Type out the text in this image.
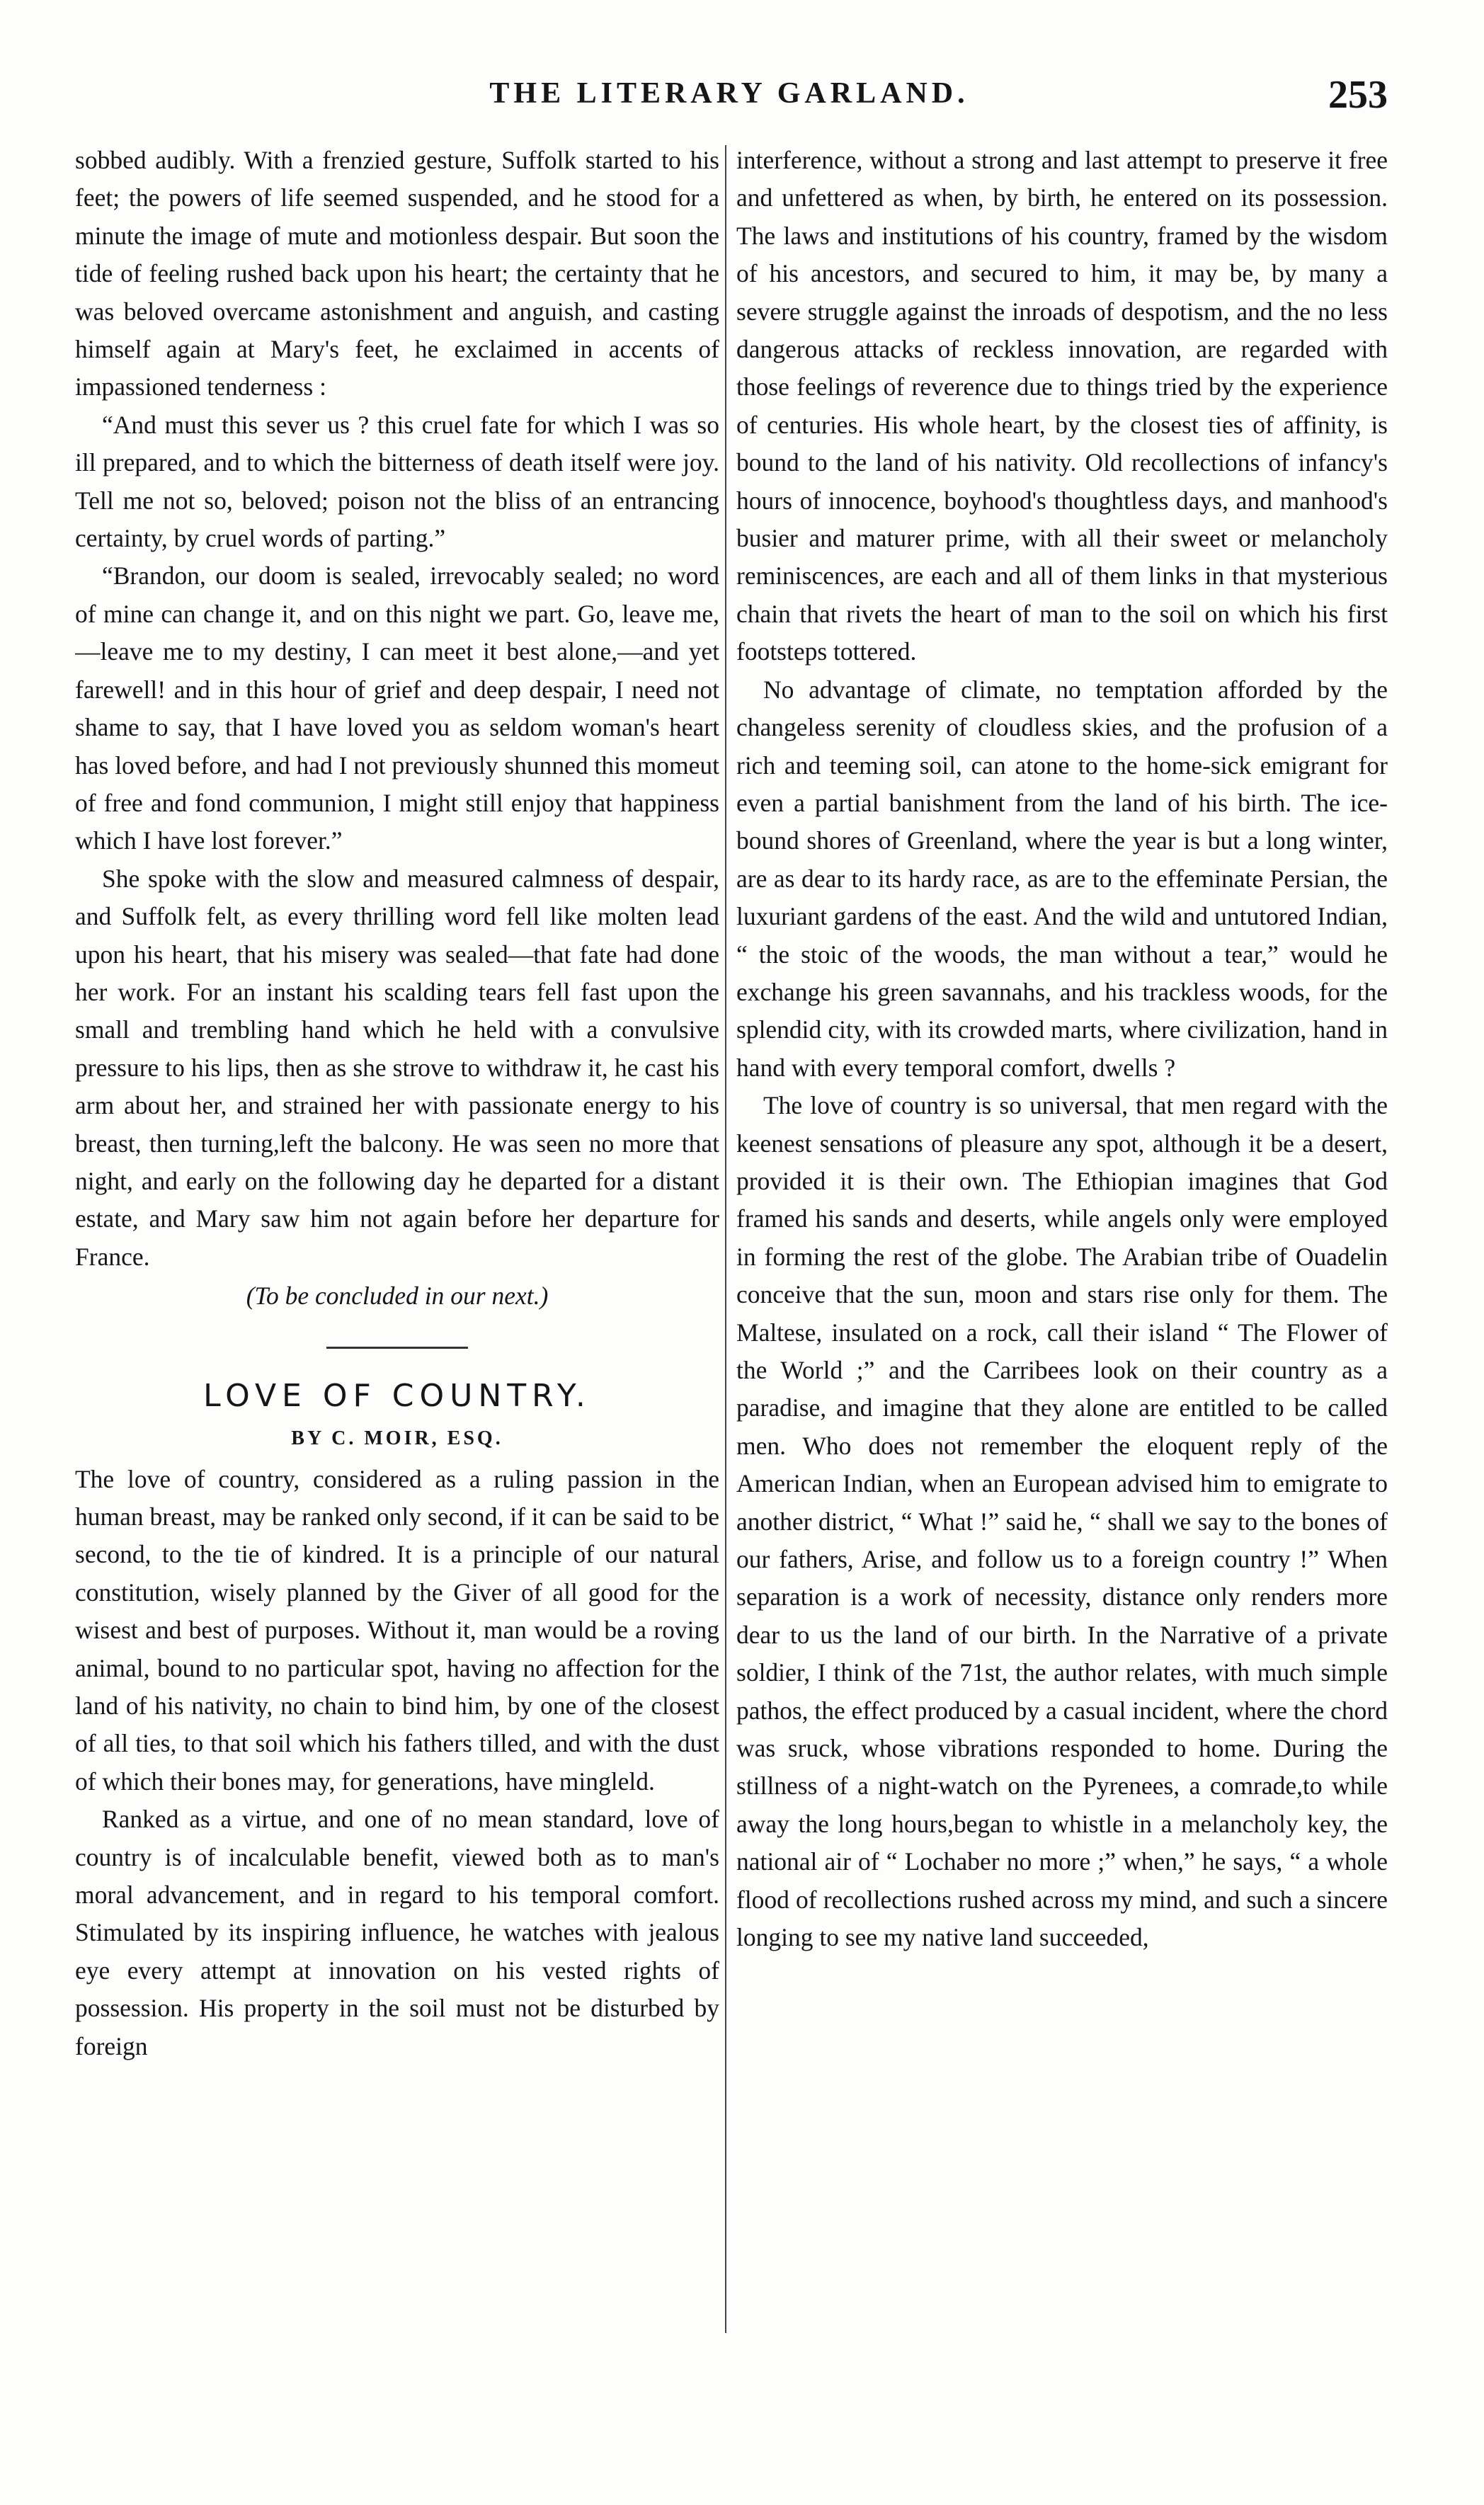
THE LITERARY GARLAND.	253

sobbed audibly. With a frenzied gesture, Suffolk started to his feet; the powers of life seemed suspended, and he stood for a minute the image of mute and motionless despair. But soon the tide of feeling rushed back upon his heart; the certainty that he was beloved overcame astonishment and anguish, and casting himself again at Mary's feet, he exclaimed in accents of impassioned tenderness :

“And must this sever us ? this cruel fate for which I was so ill prepared, and to which the bitterness of death itself were joy. Tell me not so, beloved; poison not the bliss of an entrancing certainty, by cruel words of parting.”

“Brandon, our doom is sealed, irrevocably sealed; no word of mine can change it, and on this night we part. Go, leave me,—leave me to my destiny, I can meet it best alone,—and yet farewell! and in this hour of grief and deep despair, I need not shame to say, that I have loved you as seldom woman's heart has loved before, and had I not previously shunned this momeut of free and fond communion, I might still enjoy that happiness which I have lost forever.”

She spoke with the slow and measured calmness of despair, and Suffolk felt, as every thrilling word fell like molten lead upon his heart, that his misery was sealed—that fate had done her work. For an instant his scalding tears fell fast upon the small and trembling hand which he held with a convulsive pressure to his lips, then as she strove to withdraw it, he cast his arm about her, and strained her with passionate energy to his breast, then turning,left the balcony. He was seen no more that night, and early on the following day he departed for a distant estate, and Mary saw him not again before her departure for France.

(To be concluded in our next.)

LOVE OF COUNTRY.
BY C. MOIR, ESQ.

The love of country, considered as a ruling passion in the human breast, may be ranked only second, if it can be said to be second, to the tie of kindred. It is a principle of our natural constitution, wisely planned by the Giver of all good for the wisest and best of purposes. Without it, man would be a roving animal, bound to no particular spot, having no affection for the land of his nativity, no chain to bind him, by one of the closest of all ties, to that soil which his fathers tilled, and with the dust of which their bones may, for generations, have mingleld.

Ranked as a virtue, and one of no mean standard, love of country is of incalculable benefit, viewed both as to man's moral advancement, and in regard to his temporal comfort. Stimulated by its inspiring influence, he watches with jealous eye every attempt at innovation on his vested rights of possession. His property in the soil must not be disturbed by foreign

interference, without a strong and last attempt to preserve it free and unfettered as when, by birth, he entered on its possession. The laws and institutions of his country, framed by the wisdom of his ancestors, and secured to him, it may be, by many a severe struggle against the inroads of despotism, and the no less dangerous attacks of reckless innovation, are regarded with those feelings of reverence due to things tried by the experience of centuries. His whole heart, by the closest ties of affinity, is bound to the land of his nativity. Old recollections of infancy's hours of innocence, boyhood's thoughtless days, and manhood's busier and maturer prime, with all their sweet or melancholy reminiscences, are each and all of them links in that mysterious chain that rivets the heart of man to the soil on which his first footsteps tottered.

No advantage of climate, no temptation afforded by the changeless serenity of cloudless skies, and the profusion of a rich and teeming soil, can atone to the home-sick emigrant for even a partial banishment from the land of his birth. The ice-bound shores of Greenland, where the year is but a long winter, are as dear to its hardy race, as are to the effeminate Persian, the luxuriant gardens of the east. And the wild and untutored Indian, “ the stoic of the woods, the man without a tear,” would he exchange his green savannahs, and his trackless woods, for the splendid city, with its crowded marts, where civilization, hand in hand with every temporal comfort, dwells ?

The love of country is so universal, that men regard with the keenest sensations of pleasure any spot, although it be a desert, provided it is their own. The Ethiopian imagines that God framed his sands and deserts, while angels only were employed in forming the rest of the globe. The Arabian tribe of Ouadelin conceive that the sun, moon and stars rise only for them. The Maltese, insulated on a rock, call their island “ The Flower of the World ;” and the Carribees look on their country as a paradise, and imagine that they alone are entitled to be called men. Who does not remember the eloquent reply of the American Indian, when an European advised him to emigrate to another district, “ What !” said he, “ shall we say to the bones of our fathers, Arise, and follow us to a foreign country !” When separation is a work of necessity, distance only renders more dear to us the land of our birth. In the Narrative of a private soldier, I think of the 71st, the author relates, with much simple pathos, the effect produced by a casual incident, where the chord was sruck, whose vibrations responded to home. During the stillness of a night-watch on the Pyrenees, a comrade,to while away the long hours,began to whistle in a melancholy key, the national air of “ Lochaber no more ;” when,” he says, “ a whole flood of recollections rushed across my mind, and such a sincere longing to see my native land succeeded,
